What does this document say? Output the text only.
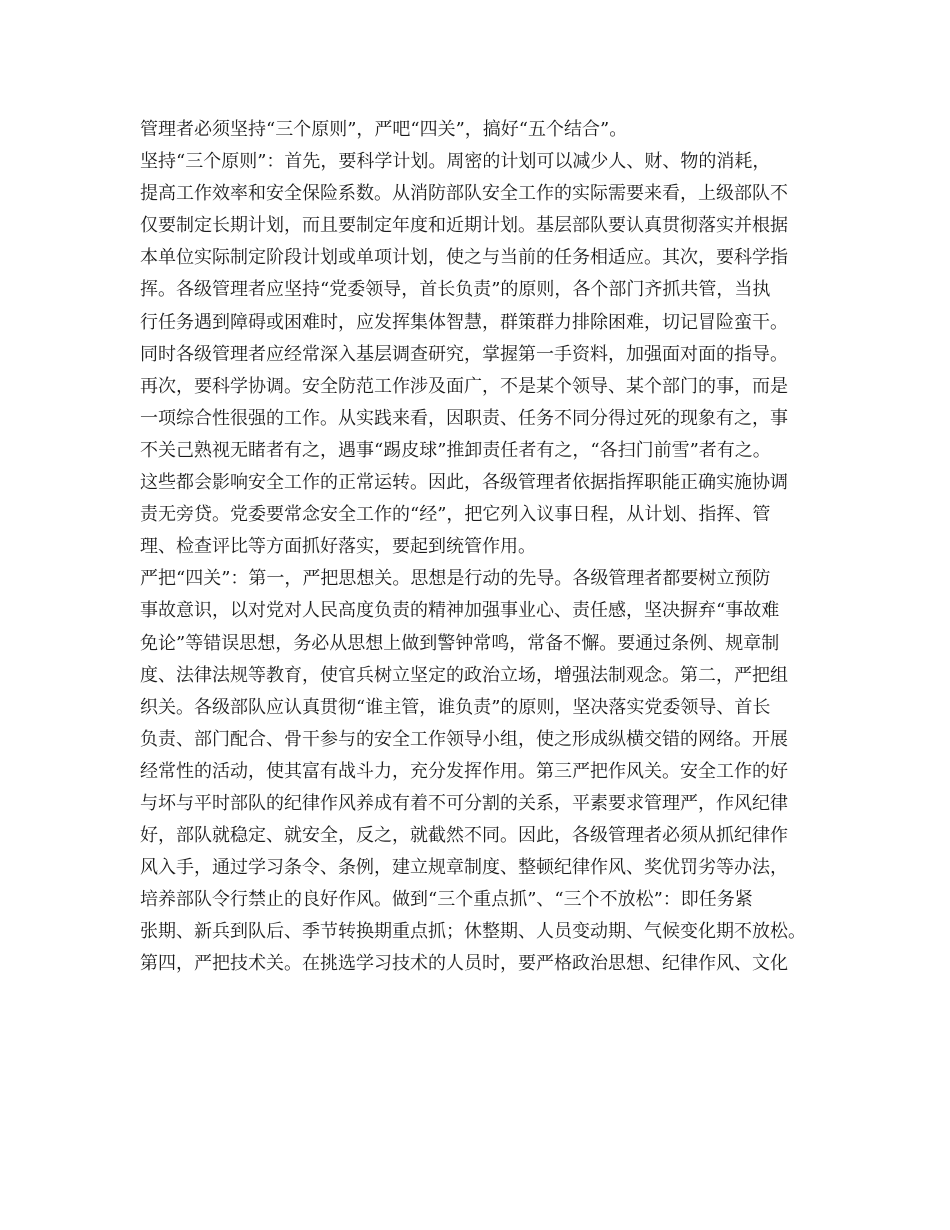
管理者必须坚持“三个原则”，严吧“四关”，搞好“五个结合”。
坚持“三个原则”：首先，要科学计划。周密的计划可以减少人、财、物的消耗，
提高工作效率和安全保险系数。从消防部队安全工作的实际需要来看，上级部队不
仅要制定长期计划，而且要制定年度和近期计划。基层部队要认真贯彻落实并根据
本单位实际制定阶段计划或单项计划，使之与当前的任务相适应。其次，要科学指
挥。各级管理者应坚持“党委领导，首长负责”的原则，各个部门齐抓共管，当执
行任务遇到障碍或困难时，应发挥集体智慧，群策群力排除困难，切记冒险蛮干。
同时各级管理者应经常深入基层调查研究，掌握第一手资料，加强面对面的指导。
再次，要科学协调。安全防范工作涉及面广，不是某个领导、某个部门的事，而是
一项综合性很强的工作。从实践来看，因职责、任务不同分得过死的现象有之，事
不关己熟视无睹者有之，遇事“踢皮球”推卸责任者有之，“各扫门前雪”者有之。
这些都会影响安全工作的正常运转。因此，各级管理者依据指挥职能正确实施协调
责无旁贷。党委要常念安全工作的“经”，把它列入议事日程，从计划、指挥、管
理、检查评比等方面抓好落实，要起到统管作用。
严把“四关”：第一，严把思想关。思想是行动的先导。各级管理者都要树立预防
事故意识，以对党对人民高度负责的精神加强事业心、责任感，坚决摒弃“事故难
免论”等错误思想，务必从思想上做到警钟常鸣，常备不懈。要通过条例、规章制
度、法律法规等教育，使官兵树立坚定的政治立场，增强法制观念。第二，严把组
织关。各级部队应认真贯彻“谁主管，谁负责”的原则，坚决落实党委领导、首长
负责、部门配合、骨干参与的安全工作领导小组，使之形成纵横交错的网络。开展
经常性的活动，使其富有战斗力，充分发挥作用。第三严把作风关。安全工作的好
与坏与平时部队的纪律作风养成有着不可分割的关系，平素要求管理严，作风纪律
好，部队就稳定、就安全，反之，就截然不同。因此，各级管理者必须从抓纪律作
风入手，通过学习条令、条例，建立规章制度、整顿纪律作风、奖优罚劣等办法，
培养部队令行禁止的良好作风。做到“三个重点抓”、“三个不放松”：即任务紧
张期、新兵到队后、季节转换期重点抓；休整期、人员变动期、气候变化期不放松。
第四，严把技术关。在挑选学习技术的人员时，要严格政治思想、纪律作风、文化
